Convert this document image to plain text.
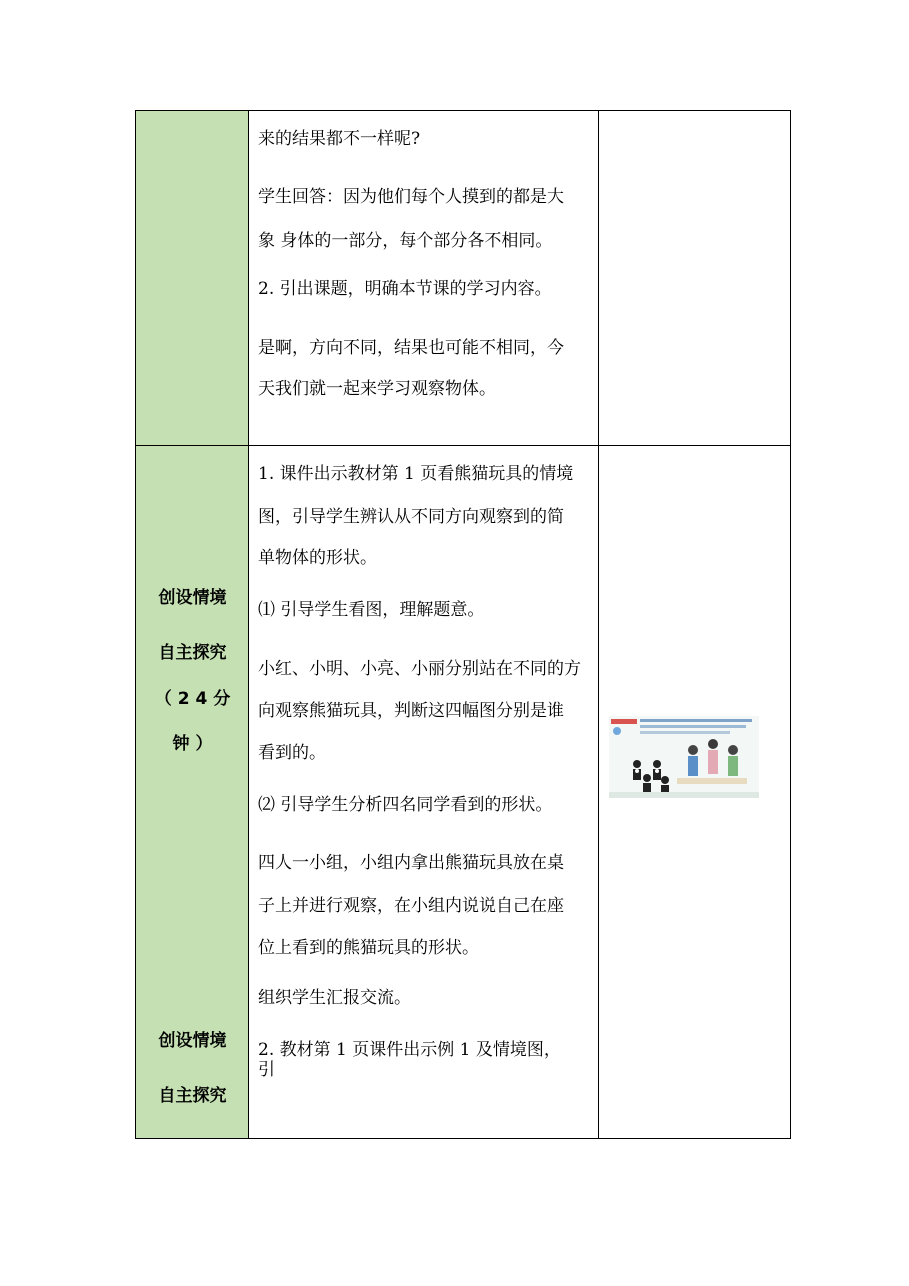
来的结果都不一样呢?
学生回答：因为他们每个人摸到的都是大
象 身体的一部分，每个部分各不相同。
2. 引出课题，明确本节课的学习内容。
是啊，方向不同，结果也可能不相同，今
天我们就一起来学习观察物体。
创设情境
自主探究
（ 2 4 分
钟 ）
创设情境
自主探究
1. 课件出示教材第 1 页看熊猫玩具的情境
图，引导学生辨认从不同方向观察到的简
单物体的形状。
⑴ 引导学生看图，理解题意。
小红、小明、小亮、小丽分别站在不同的方
向观察熊猫玩具，判断这四幅图分别是谁
看到的。
⑵ 引导学生分析四名同学看到的形状。
四人一小组，小组内拿出熊猫玩具放在桌
子上并进行观察，在小组内说说自己在座
位上看到的熊猫玩具的形状。
组织学生汇报交流。
2. 教材第 1 页课件出示例 1 及情境图，
引
